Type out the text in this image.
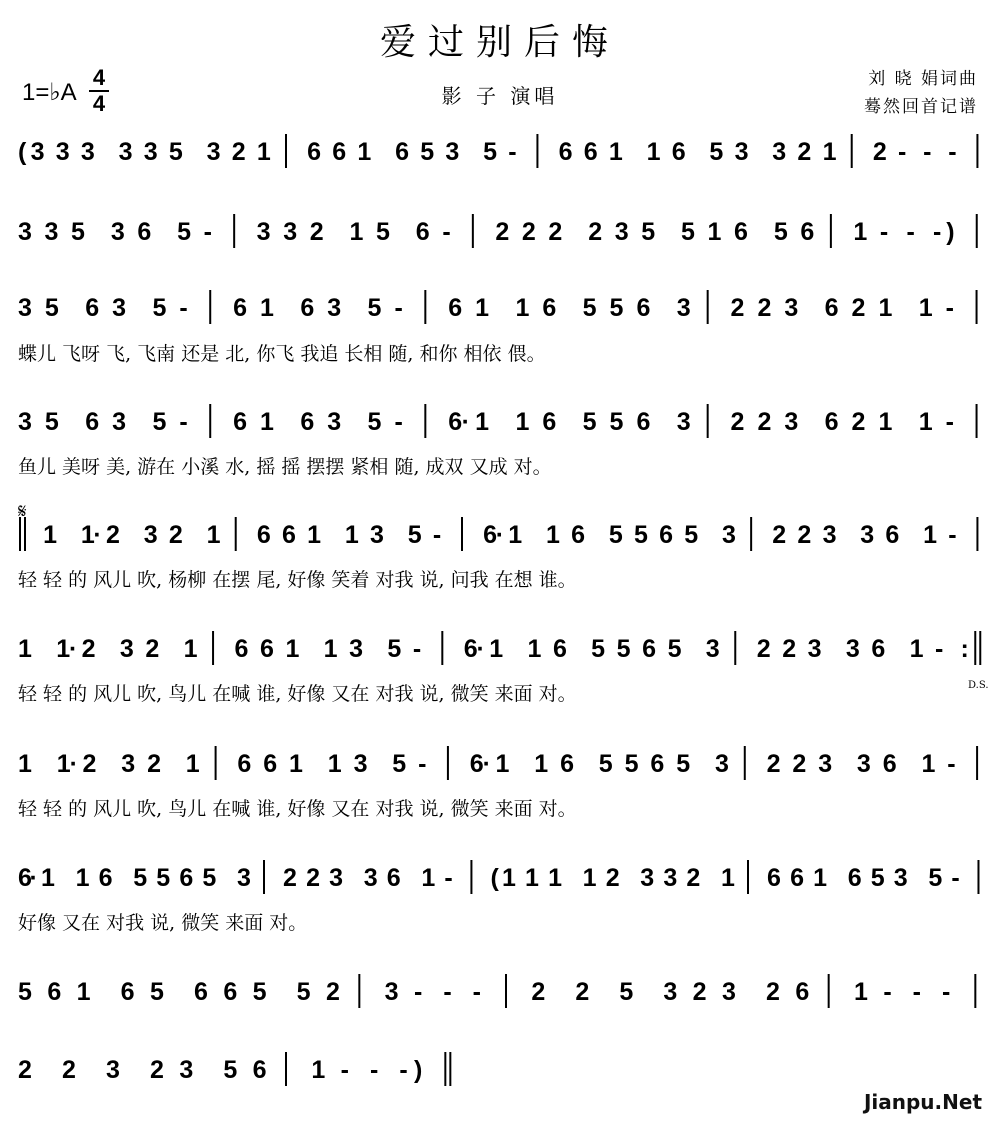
爱过别后悔
1=♭A
4
4	影 子 演唱
刘 晓 娟词曲
蓦然回首记谱
( 3 3 3 3 3 5 3 2 1 6 6 1 6 5 3 5 - 6 6 1 1 6 5 3 3 2 1 2 - - -
3 3 5 3 6 5 - 3 3 2 1 5 6 - 2 2 2 2 3 5 5 1 6 5 6 1 - - - )
3 5 6 3 5 - 6 1 6 3 5 - 6 1 1 6 5 5 6 3 2 2 3 6 2 1 1 -
蝶儿 飞呀 飞, 飞南 还是 北, 你飞 我追 长相 随, 和你 相依 偎。
3 5 6 3 5 - 6 1 6 3 5 - 6 · 1 1 6 5 5 6 3 2 2 3 6 2 1 1 -
鱼儿 美呀 美, 游在 小溪 水, 摇 摇 摆摆 紧相 随, 成双 又成 对。
1 1
· 2 3 2 1 6 6 1 1 3 5 - 6
· 1 1 6 5 5 6 5 3 2 2 3 3 6 1 -
轻 轻 的 风儿 吹, 杨柳 在摆 尾, 好像 笑着 对我 说, 问我 在想 谁。
1 1
· 2 3 2 1 6 6 1 1 3 5 - 6
· 1 1 6 5 5 6 5 3 2 2 3 3 6 1 - :
轻 轻 的 风儿 吹, 鸟儿 在喊 谁, 好像 又在 对我 说, 微笑 来面 对。
1 1 · 2 3 2 1 6 6 1 1 3 5 - 6 · 1 1 6 5 5 6 5 3 2 2 3 3 6 1 -
轻 轻 的 风儿 吹, 鸟儿 在喊 谁, 好像 又在 对我 说, 微笑 来面 对。
6
· 1 1 6 5 5 6 5 3 2 2 3 3 6 1 - ( 1 1 1 1 2 3 3 2 1 6 6 1 6 5 3 5 -
好像 又在 对我 说, 微笑 来面 对。
5 6 1 6 5 6 6 5 5 2 3 - - - 2 2 5 3 2 3 2 6 1 - - -
2 2 3 2 3 5 6 1 - - - )
𝄋
D.S.
Jianpu.Net
